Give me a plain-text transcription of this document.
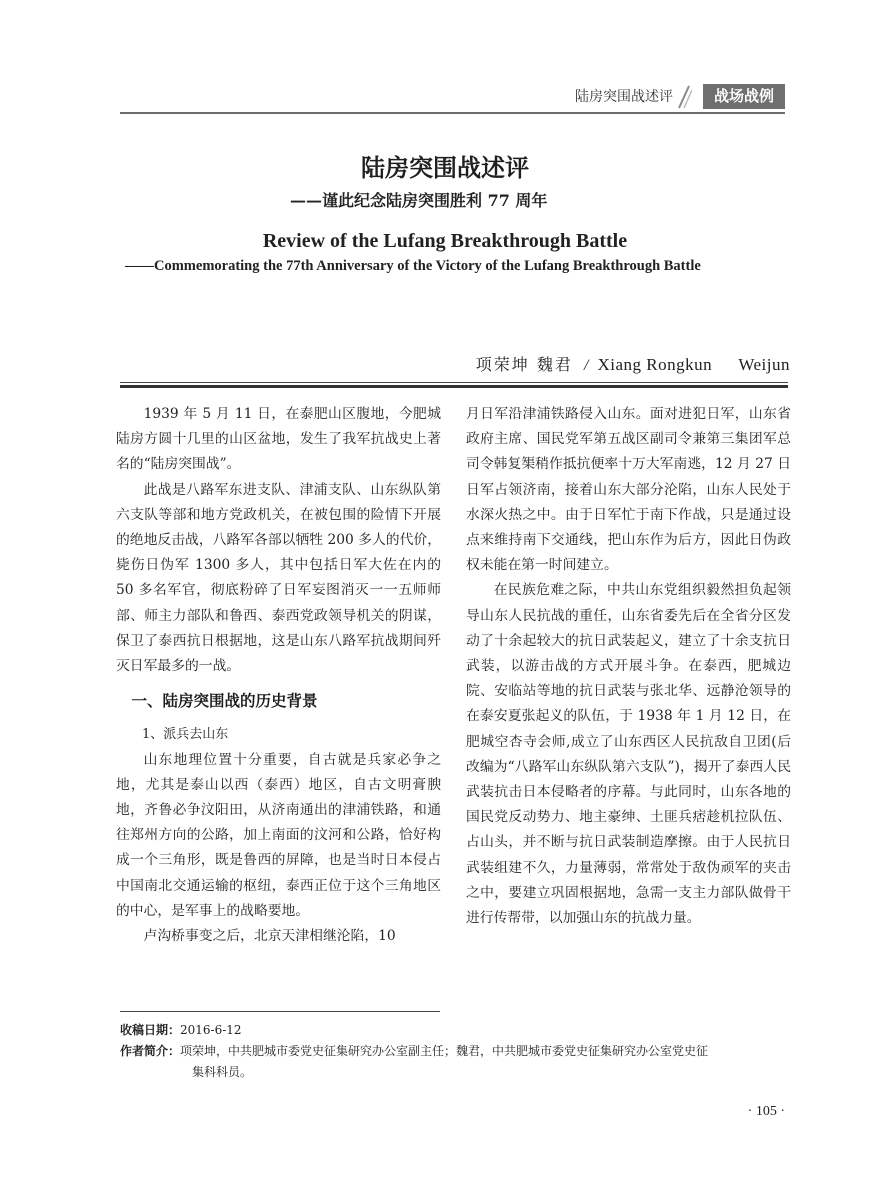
陆房突围战述评	战场战例
陆房突围战述评
——谨此纪念陆房突围胜利 77 周年
Review of the Lufang Breakthrough Battle
——Commemorating the 77th Anniversary of the Victory of the Lufang Breakthrough Battle
项荣坤 魏君 / Xiang Rongkun Weijun

1939 年 5 月 11 日，在泰肥山区腹地，今肥城陆房方圆十几里的山区盆地，发生了我军抗战史上著名的“陆房突围战”。

此战是八路军东进支队、津浦支队、山东纵队第六支队等部和地方党政机关，在被包围的险情下开展的绝地反击战，八路军各部以牺牲 200 多人的代价，毙伤日伪军 1300 多人，其中包括日军大佐在内的 50 多名军官，彻底粉碎了日军妄图消灭一一五师师部、师主力部队和鲁西、泰西党政领导机关的阴谋，保卫了泰西抗日根据地，这是山东八路军抗战期间歼灭日军最多的一战。

一、陆房突围战的历史背景

1、派兵去山东

山东地理位置十分重要，自古就是兵家必争之地，尤其是泰山以西（泰西）地区，自古文明膏腴地，齐鲁必争汶阳田，从济南通出的津浦铁路，和通往郑州方向的公路，加上南面的汶河和公路，恰好构成一个三角形，既是鲁西的屏障，也是当时日本侵占中国南北交通运输的枢纽，泰西正位于这个三角地区的中心，是军事上的战略要地。

卢沟桥事变之后，北京天津相继沦陷，10

月日军沿津浦铁路侵入山东。面对进犯日军，山东省政府主席、国民党军第五战区副司令兼第三集团军总司令韩复榘稍作抵抗便率十万大军南逃，12 月 27 日日军占领济南，接着山东大部分沦陷，山东人民处于水深火热之中。由于日军忙于南下作战，只是通过设点来维持南下交通线，把山东作为后方，因此日伪政权未能在第一时间建立。

在民族危难之际，中共山东党组织毅然担负起领导山东人民抗战的重任，山东省委先后在全省分区发动了十余起较大的抗日武装起义，建立了十余支抗日武装，以游击战的方式开展斗争。在泰西，肥城边院、安临站等地的抗日武装与张北华、远静沧领导的在泰安夏张起义的队伍，于 1938 年 1 月 12 日，在肥城空杏寺会师,成立了山东西区人民抗敌自卫团(后改编为“八路军山东纵队第六支队”)，揭开了泰西人民武装抗击日本侵略者的序幕。与此同时，山东各地的国民党反动势力、地主豪绅、土匪兵痞趁机拉队伍、占山头，并不断与抗日武装制造摩擦。由于人民抗日武装组建不久，力量薄弱，常常处于敌伪顽军的夹击之中，要建立巩固根据地，急需一支主力部队做骨干进行传帮带，以加强山东的抗战力量。

收稿日期： 2016-6-12
作者简介： 项荣坤，中共肥城市委党史征集研究办公室副主任；魏君，中共肥城市委党史征集研究办公室党史征
集科科员。
· 105 ·
